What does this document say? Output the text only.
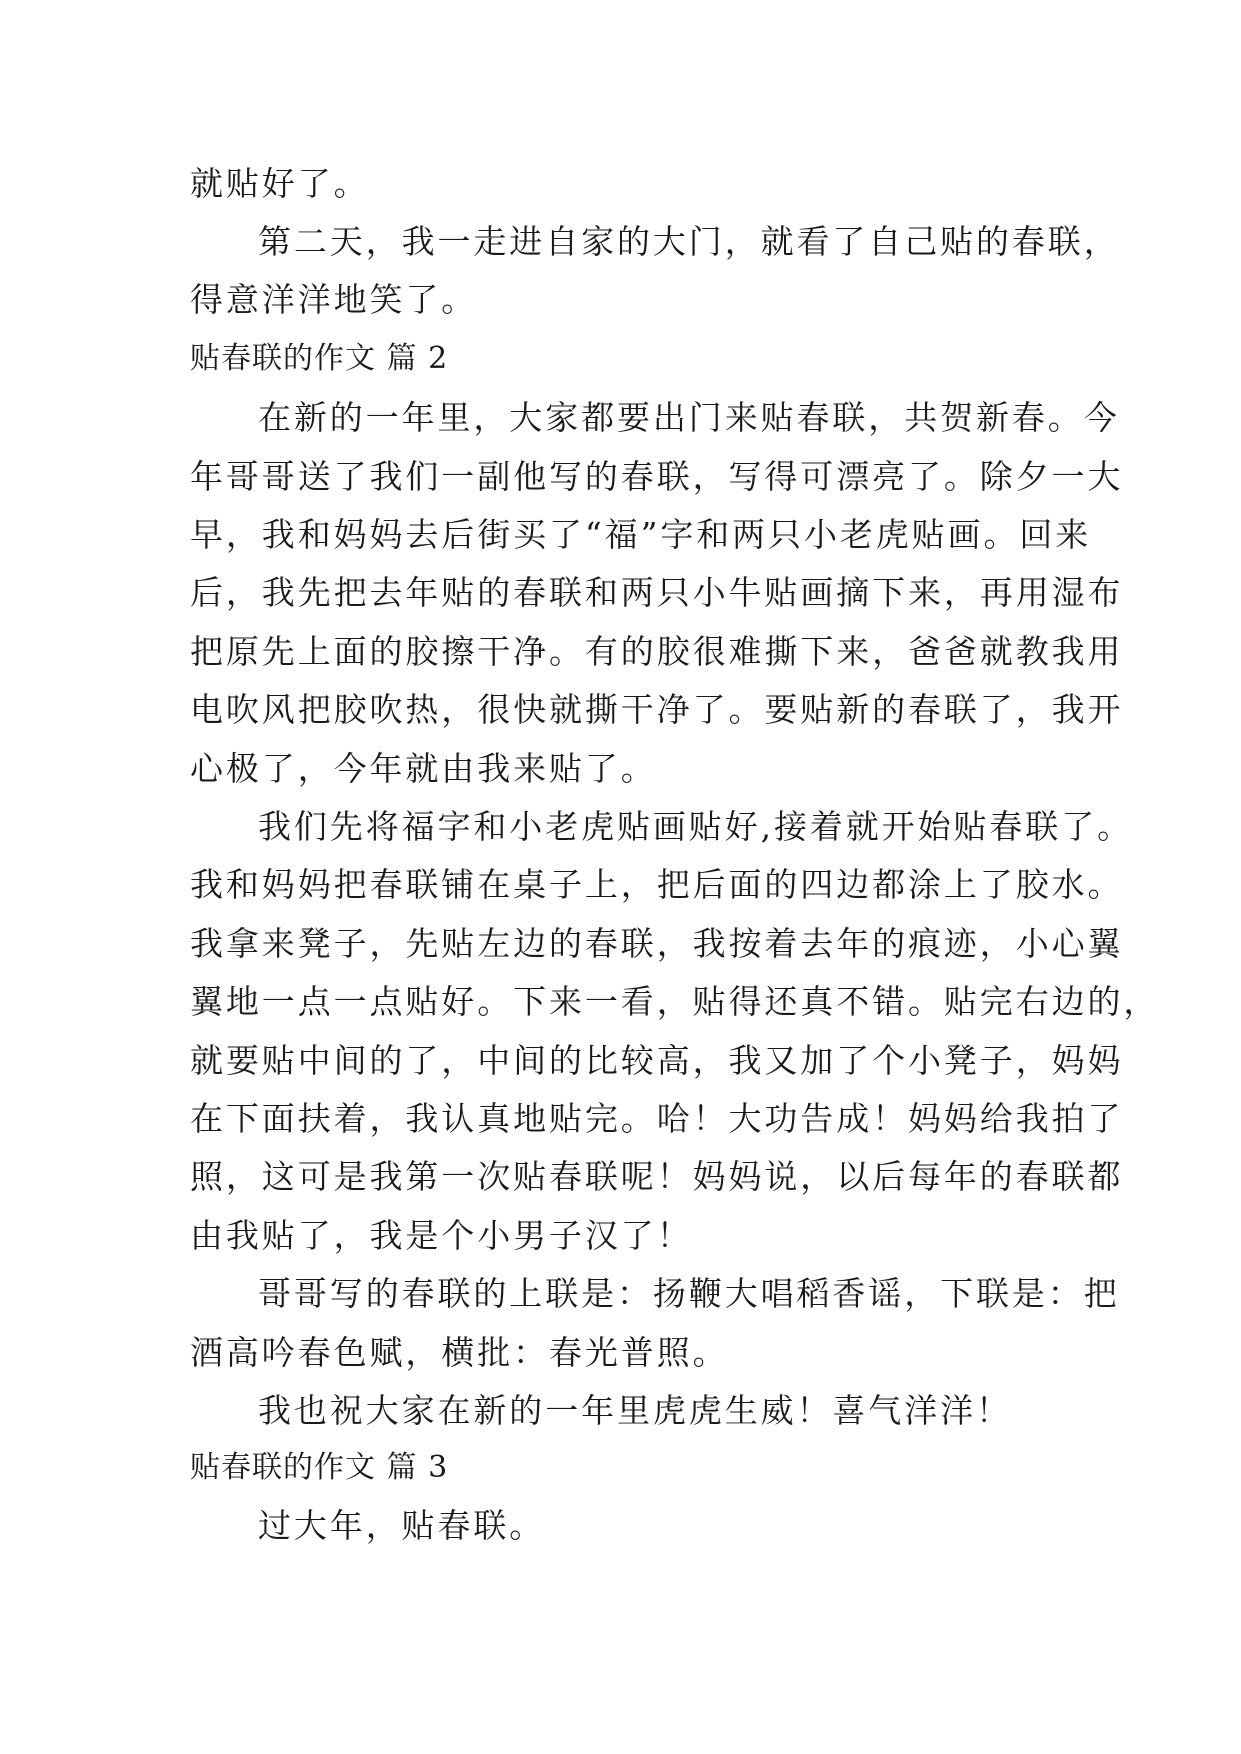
就贴好了。
第二天，我一走进自家的大门，就看了自己贴的春联，
得意洋洋地笑了。
贴春联的作文 篇 2
在新的一年里，大家都要出门来贴春联，共贺新春。今
年哥哥送了我们一副他写的春联，写得可漂亮了。除夕一大
早，我和妈妈去后街买了“福”字和两只小老虎贴画。回来
后，我先把去年贴的春联和两只小牛贴画摘下来，再用湿布
把原先上面的胶擦干净。有的胶很难撕下来，爸爸就教我用
电吹风把胶吹热，很快就撕干净了。要贴新的春联了，我开
心极了，今年就由我来贴了。
我们先将福字和小老虎贴画贴好,接着就开始贴春联了。
我和妈妈把春联铺在桌子上，把后面的四边都涂上了胶水。
我拿来凳子，先贴左边的春联，我按着去年的痕迹，小心翼
翼地一点一点贴好。下来一看，贴得还真不错。贴完右边的，
就要贴中间的了，中间的比较高，我又加了个小凳子，妈妈
在下面扶着，我认真地贴完。哈！大功告成！妈妈给我拍了
照，这可是我第一次贴春联呢！妈妈说，以后每年的春联都
由我贴了，我是个小男子汉了！
哥哥写的春联的上联是：扬鞭大唱稻香谣，下联是：把
酒高吟春色赋，横批：春光普照。
我也祝大家在新的一年里虎虎生威！喜气洋洋！
贴春联的作文 篇 3
过大年，贴春联。
